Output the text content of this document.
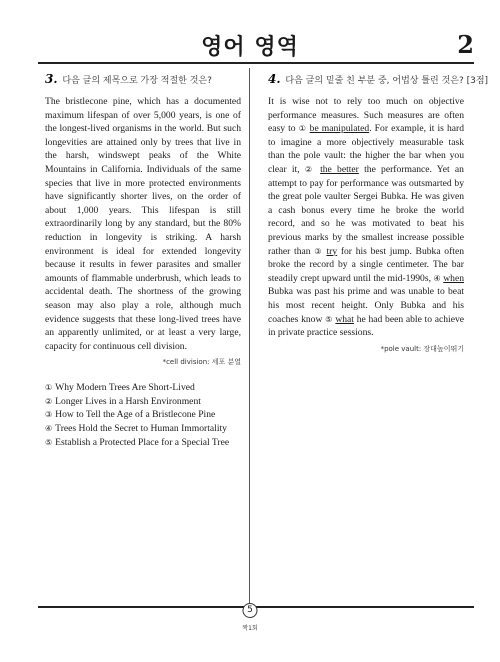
영어 영역	2
3. 다음 글의 제목으로 가장 적절한 것은?

The bristlecone pine, which has a documented maximum lifespan of over 5,000 years, is one of the longest-lived organisms in the world. But such longevities are attained only by trees that live in the harsh, windswept peaks of the White Mountains in California. Individuals of the same species that live in more protected environments have significantly shorter lives, on the order of about 1,000 years. This lifespan is still extraordinarily long by any standard, but the 80% reduction in longevity is striking. A harsh environment is ideal for extended longevity because it results in fewer parasites and smaller amounts of flammable underbrush, which leads to accidental death. The shortness of the growing season may also play a role, although much evidence suggests that these long-lived trees have an apparently unlimited, or at least a very large, capacity for continuous cell division.

*cell division: 세포 분열
① Why Modern Trees Are Short-Lived
② Longer Lives in a Harsh Environment
③ How to Tell the Age of a Bristlecone Pine
④ Trees Hold the Secret to Human Immortality
⑤ Establish a Protected Place for a Special Tree
4. 다음 글의 밑줄 친 부분 중, 어법상 틀린 것은? [3점]

It is wise not to rely too much on objective performance measures. Such measures are often easy to ① be manipulated. For example, it is hard to imagine a more objectively measurable task than the pole vault: the higher the bar when you clear it, ② the better the performance. Yet an attempt to pay for performance was outsmarted by the great pole vaulter Sergei Bubka. He was given a cash bonus every time he broke the world record, and so he was motivated to beat his previous marks by the smallest increase possible rather than ③ try for his best jump. Bubka often broke the record by a single centimeter. The bar steadily crept upward until the mid-1990s, ④ when Bubka was past his prime and was unable to beat his most recent height. Only Bubka and his coaches know ⑤ what he had been able to achieve in private practice sessions.

*pole vault: 장대높이뛰기
5
짝1회
